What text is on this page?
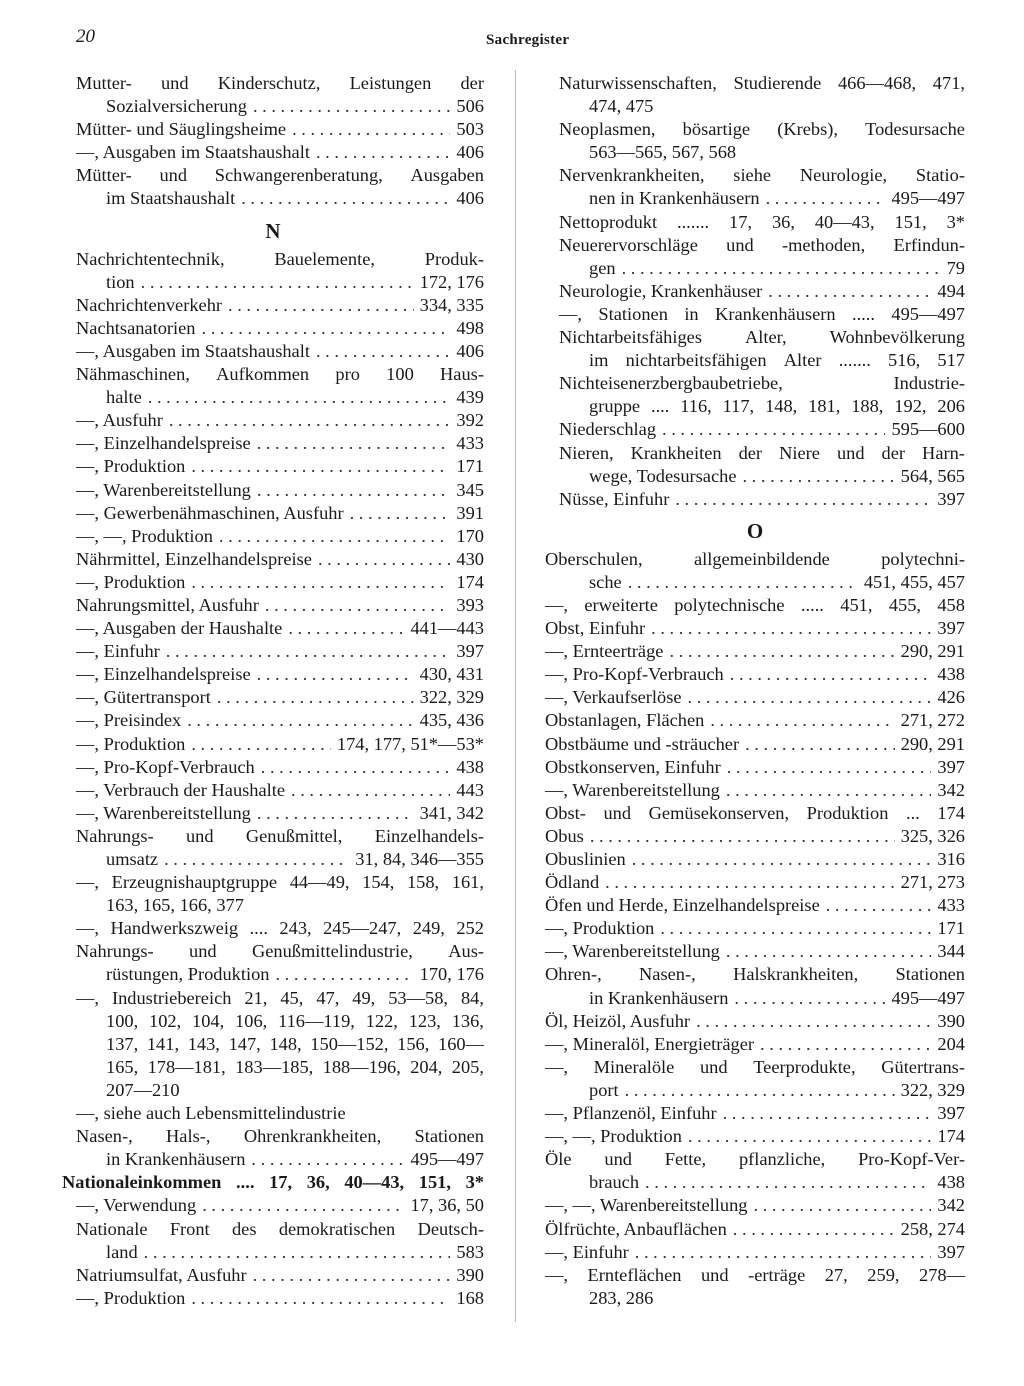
20	Sachregister
Mutter- und Kinderschutz, Leistungen der
Sozialversicherung . . .	506
Mütter- und Säuglingsheime . . .	503
—, Ausgaben im Staatshaushalt . . .	406
Mütter- und Schwangerenberatung, Ausgaben
im Staatshaushalt . . .	406
N
Nachrichtentechnik,	Bauelemente,	Produk-
tion . . .	172, 176
Nachrichtenverkehr . . .	334, 335
Nachtsanatorien . . .	498
—, Ausgaben im Staatshaushalt . . .	406
Nähmaschinen, Aufkommen pro 100 Haus-
halte . . .	439
—, Ausfuhr . . .	392
—, Einzelhandelspreise . . .	433
—, Produktion . . .	171
—, Warenbereitstellung . . .	345
—, Gewerbenähmaschinen, Ausfuhr . . .	391
—, —, Produktion . . .	170
Nährmittel, Einzelhandelspreise . . .	430
—, Produktion . . .	174
Nahrungsmittel, Ausfuhr . . .	393
—, Ausgaben der Haushalte . . .	441—443
—, Einfuhr . . .	397
—, Einzelhandelspreise . . .	430, 431
—, Gütertransport . . .	322, 329
—, Preisindex . . .	435, 436
—, Produktion . . .	174, 177, 51*—53*
—, Pro-Kopf-Verbrauch . . .	438
—, Verbrauch der Haushalte . . .	443
—, Warenbereitstellung . . .	341, 342
Nahrungs- und Genußmittel, Einzelhandels-
umsatz . . .	31, 84, 346—355
—, Erzeugnishauptgruppe 44—49, 154, 158, 161,
163, 165, 166, 377
—, Handwerkszweig .... 243, 245—247, 249, 252
Nahrungs- und Genußmittelindustrie, Aus-
rüstungen, Produktion . . .	170, 176
—, Industriebereich 21, 45, 47, 49, 53—58, 84,
100, 102, 104, 106, 116—119, 122, 123, 136,
137, 141, 143, 147, 148, 150—152, 156, 160—
165, 178—181, 183—185, 188—196, 204, 205,
207—210
—, siehe auch Lebensmittelindustrie
Nasen-, Hals-, Ohrenkrankheiten, Stationen
in Krankenhäusern . . .	495—497
Nationaleinkommen .... 17, 36, 40—43, 151, 3*
—, Verwendung . . .	17, 36, 50
Nationale Front des demokratischen Deutsch-
land . . .	583
Natriumsulfat, Ausfuhr . . .	390
—, Produktion . . .	168
Naturwissenschaften, Studierende 466—468, 471,
474, 475
Neoplasmen, bösartige (Krebs), Todesursache
563—565, 567, 568
Nervenkrankheiten, siehe Neurologie, Statio-
nen in Krankenhäusern . . .	495—497
Nettoprodukt ....... 17, 36, 40—43, 151, 3*
Neuerervorschläge und -methoden, Erfindun-
gen . . .	79
Neurologie, Krankenhäuser . . .	494
—, Stationen in Krankenhäusern ..... 495—497
Nichtarbeitsfähiges Alter, Wohnbevölkerung
im nichtarbeitsfähigen Alter ....... 516, 517
Nichteisenerzbergbaubetriebe,	Industrie-
gruppe .... 116, 117, 148, 181, 188, 192, 206
Niederschlag . . .	595—600
Nieren, Krankheiten der Niere und der Harn-
wege, Todesursache . . .	564, 565
Nüsse, Einfuhr . . .	397
O
Oberschulen,	allgemeinbildende	polytechni-
sche . . .	451, 455, 457
—, erweiterte polytechnische ..... 451, 455, 458
Obst, Einfuhr . . .	397
—, Ernteerträge . . .	290, 291
—, Pro-Kopf-Verbrauch . . .	438
—, Verkaufserlöse . . .	426
Obstanlagen, Flächen . . .	271, 272
Obstbäume und -sträucher . . .	290, 291
Obstkonserven, Einfuhr . . .	397
—, Warenbereitstellung . . .	342
Obst- und Gemüsekonserven, Produktion ... 174
Obus . . .	325, 326
Obuslinien . . .	316
Ödland . . .	271, 273
Öfen und Herde, Einzelhandelspreise . . .	433
—, Produktion . . .	171
—, Warenbereitstellung . . .	344
Ohren-, Nasen-, Halskrankheiten, Stationen
in Krankenhäusern . . .	495—497
Öl, Heizöl, Ausfuhr . . .	390
—, Mineralöl, Energieträger . . .	204
—, Mineralöle und Teerprodukte, Gütertrans-
port . . .	322, 329
—, Pflanzenöl, Einfuhr . . .	397
—, —, Produktion . . .	174
Öle und Fette, pflanzliche, Pro-Kopf-Ver-
brauch . . .	438
—, —, Warenbereitstellung . . .	342
Ölfrüchte, Anbauflächen . . .	258, 274
—, Einfuhr . . .	397
—, Ernteflächen und -erträge 27, 259, 278—
283, 286
